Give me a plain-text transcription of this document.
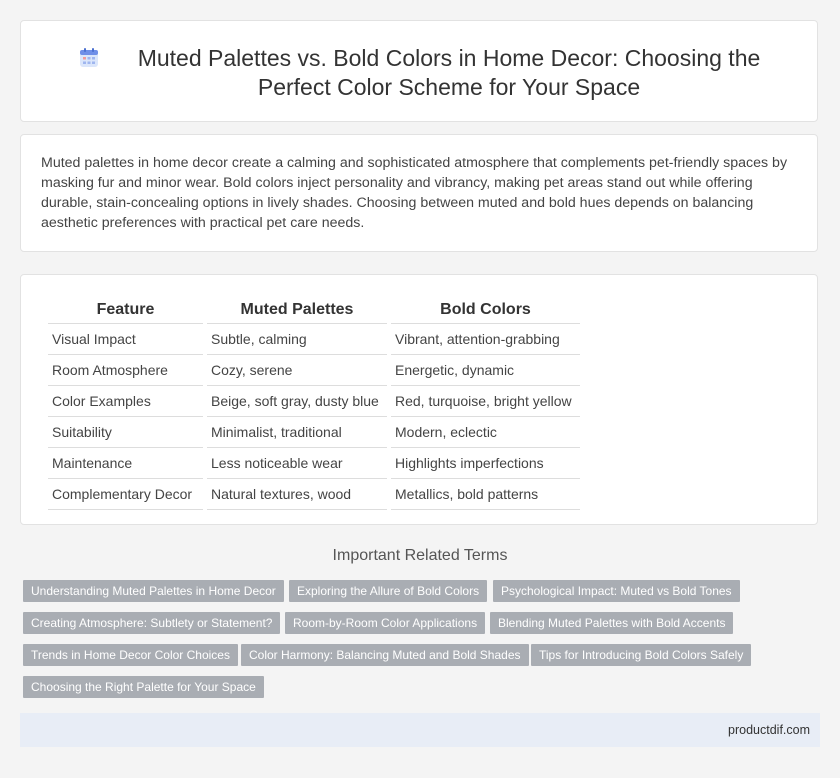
Muted Palettes vs. Bold Colors in Home Decor: Choosing the Perfect Color Scheme for Your Space

Muted palettes in home decor create a calming and sophisticated atmosphere that complements pet-friendly spaces by masking fur and minor wear. Bold colors inject personality and vibrancy, making pet areas stand out while offering durable, stain-concealing options in lively shades. Choosing between muted and bold hues depends on balancing aesthetic preferences with practical pet care needs.

Feature	Muted Palettes	Bold Colors
Visual Impact	Subtle, calming	Vibrant, attention-grabbing
Room Atmosphere	Cozy, serene	Energetic, dynamic
Color Examples	Beige, soft gray, dusty blue	Red, turquoise, bright yellow
Suitability	Minimalist, traditional	Modern, eclectic
Maintenance	Less noticeable wear	Highlights imperfections
Complementary Decor	Natural textures, wood	Metallics, bold patterns
Important Related Terms
Understanding Muted Palettes in Home Decor	Exploring the Allure of Bold Colors	Psychological Impact: Muted vs Bold Tones
Creating Atmosphere: Subtlety or Statement?	Room-by-Room Color Applications	Blending Muted Palettes with Bold Accents
Trends in Home Decor Color Choices	Color Harmony: Balancing Muted and Bold Shades	Tips for Introducing Bold Colors Safely
Choosing the Right Palette for Your Space
productdif.com
